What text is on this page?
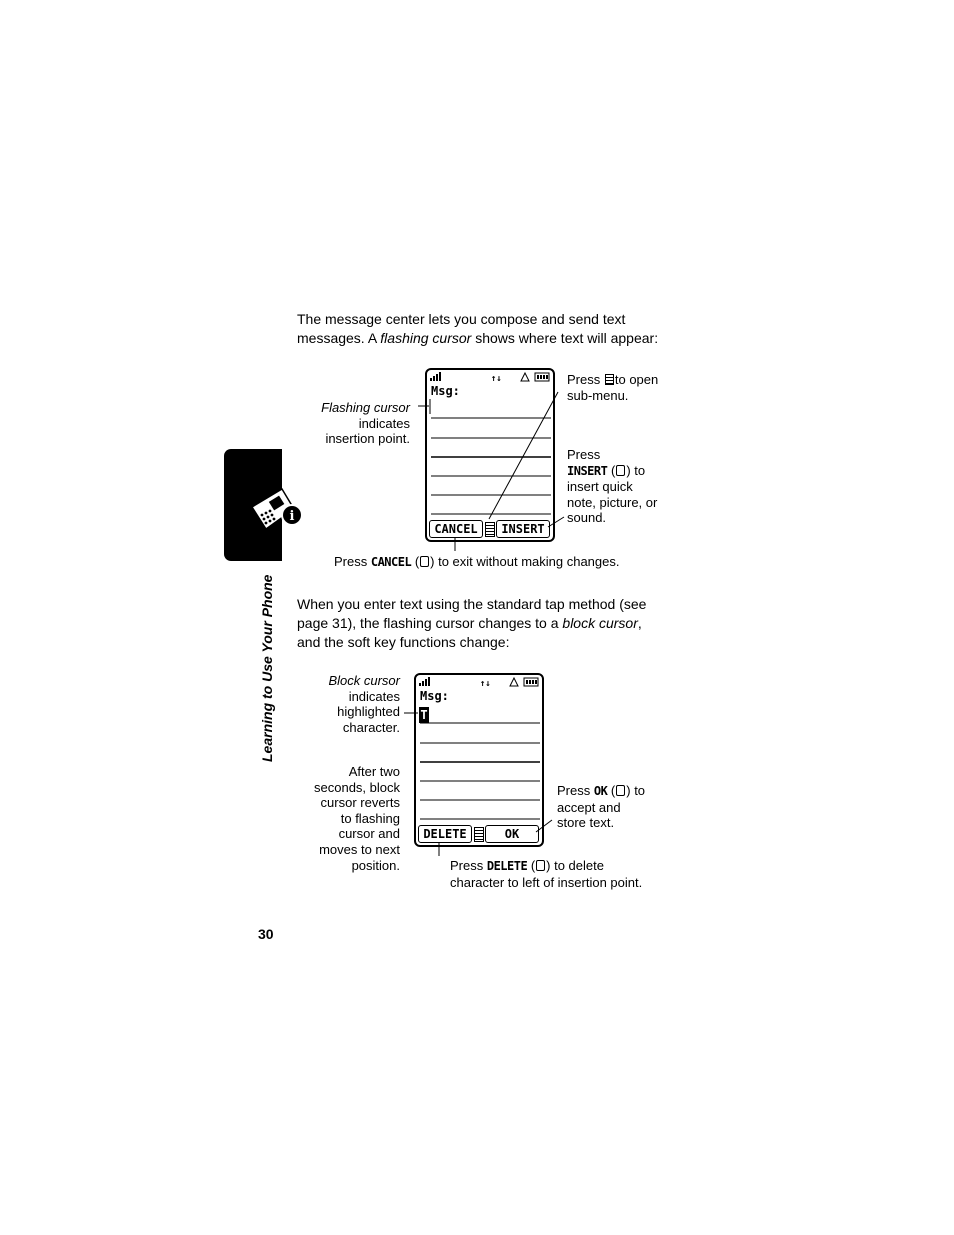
i
Learning to Use Your Phone
The message center lets you compose and send text
messages. A flashing cursor shows where text will appear:
↑↓
Msg:
CANCEL	INSERT
Flashing cursor
indicates
insertion point.
Press to open
sub-menu.
Press
INSERT ( ) to
insert quick
note, picture, or
sound.
Press CANCEL ( ) to exit without making changes.
When you enter text using the standard tap method (see
page 31), the flashing cursor changes to a block cursor,
and the soft key functions change:
↑↓
Msg:
T
DELETE	OK
Block cursor
indicates
highlighted
character.
After two
seconds, block
cursor reverts
to flashing
cursor and
moves to next
position.
Press OK ( ) to
accept and
store text.
Press DELETE ( ) to delete
character to left of insertion point.
30
